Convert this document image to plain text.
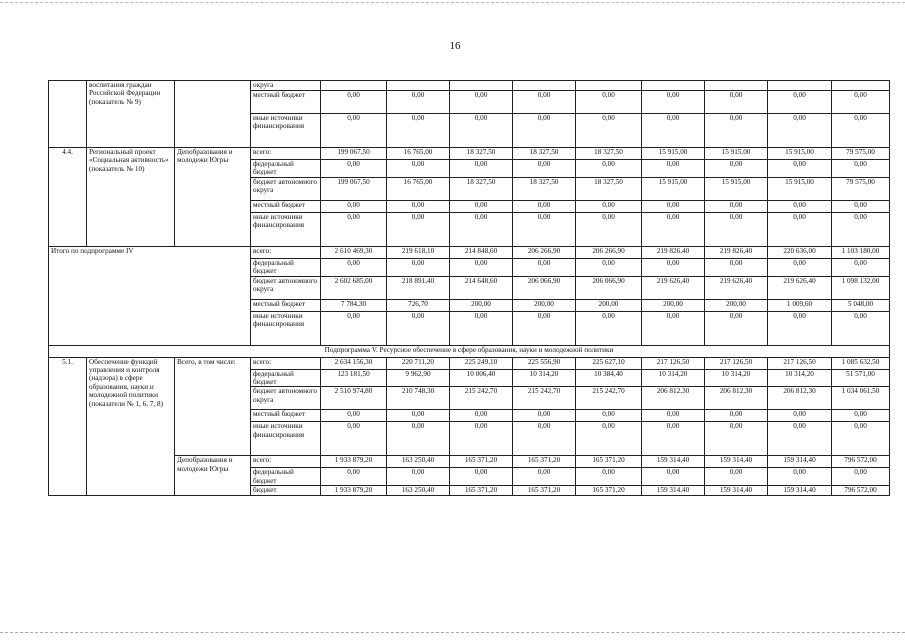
16
	воспитания граждан Российской Федерации (показатель № 9)		округа									
			местный бюджет	0,00	0,00	0,00	0,00	0,00	0,00	0,00	0,00	0,00
			иные источники финансирования	0,00	0,00	0,00	0,00	0,00	0,00	0,00	0,00	0,00
4.4.	Региональный проект «Социальная активность» (показатель № 10)	Депобразования и молодежи Югры	всего:	199 067,50	16 765,00	18 327,50	18 327,50	18 327,50	15 915,00	15 915,00	15 915,00	79 575,00
			федеральный бюджет	0,00	0,00	0,00	0,00	0,00	0,00	0,00	0,00	0,00
			бюджет автономного округа	199 067,50	16 765,00	18 327,50	18 327,50	18 327,50	15 915,00	15 915,00	15 915,00	79 575,00
			местный бюджет	0,00	0,00	0,00	0,00	0,00	0,00	0,00	0,00	0,00
			иные источники финансирования	0,00	0,00	0,00	0,00	0,00	0,00	0,00	0,00	0,00
Итого по подпрограмме IV			всего:	2 610 469,30	219 618,10	214 848,60	206 266,90	206 266,90	219 826,40	219 826,40	220 636,00	1 103 180,00
			федеральный бюджет	0,00	0,00	0,00	0,00	0,00	0,00	0,00	0,00	0,00
			бюджет автономного округа	2 602 685,00	218 891,40	214 648,60	206 066,90	206 066,90	219 626,40	219 626,40	219 626,40	1 098 132,00
			местный бюджет	7 784,30	726,70	200,00	200,00	200,00	200,00	200,00	1 009,60	5 048,00
			иные источники финансирования	0,00	0,00	0,00	0,00	0,00	0,00	0,00	0,00	0,00
Подпрограмма V. Ресурсное обеспечение в сфере образования, науки и молодежной политики												
5.1.	Обеспечение функций управления и контроля (надзора) в сфере образования, науки и молодежной политики (показатели № 1, 6, 7, 8)	Всего, в том числе:	всего:	2 634 156,30	220 711,20	225 249,10	225 556,90	225 627,10	217 126,50	217 126,50	217 126,50	1 085 632,50
			федеральный бюджет	123 181,50	9 962,90	10 006,40	10 314,20	10 384,40	10 314,20	10 314,20	10 314,20	51 571,00
			бюджет автономного округа	2 510 974,80	210 748,30	215 242,70	215 242,70	215 242,70	206 812,30	206 812,30	206 812,30	1 034 061,50
			местный бюджет	0,00	0,00	0,00	0,00	0,00	0,00	0,00	0,00	0,00
			иные источники финансирования	0,00	0,00	0,00	0,00	0,00	0,00	0,00	0,00	0,00
		Депобразования и молодежи Югры	всего:	1 933 879,20	163 250,40	165 371,20	165 371,20	165 371,20	159 314,40	159 314,40	159 314,40	796 572,00
			федеральный бюджет	0,00	0,00	0,00	0,00	0,00	0,00	0,00	0,00	0,00
			бюджет	1 933 879,20	163 250,40	165 371,20	165 371,20	165 371,20	159 314,40	159 314,40	159 314,40	796 572,00
